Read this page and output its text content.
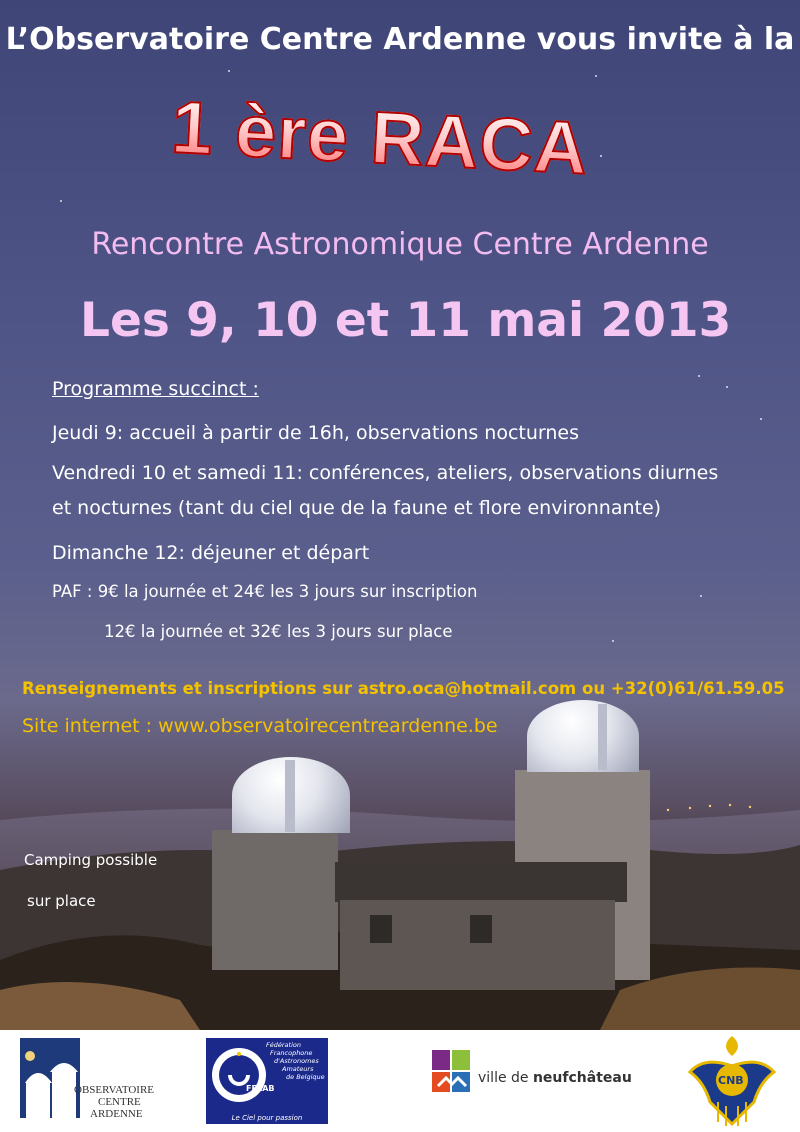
L’Observatoire Centre Ardenne vous invite à la
1 ère RACA
Rencontre Astronomique Centre Ardenne
Les 9, 10 et 11 mai 2013
Programme succinct :
Jeudi 9: accueil à partir de 16h, observations nocturnes
Vendredi 10 et samedi 11: conférences, ateliers, observations diurnes
et nocturnes (tant du ciel que de la faune et flore environnante)
Dimanche 12: déjeuner et départ
PAF : 9€ la journée et 24€ les 3 jours sur inscription
12€ la journée et 32€ les 3 jours sur place
Renseignements et inscriptions sur astro.oca@hotmail.com ou +32(0)61/61.59.05
Site internet : www.observatoirecentreardenne.be
Camping possible
sur place
OBSERVATOIRE
CENTRE
ARDENNE
Fédération
Francophone
d'Astronomes
Amateurs
de Belgique
FFAAB
Le Ciel pour passion
ville de neufchâteau	CNB
